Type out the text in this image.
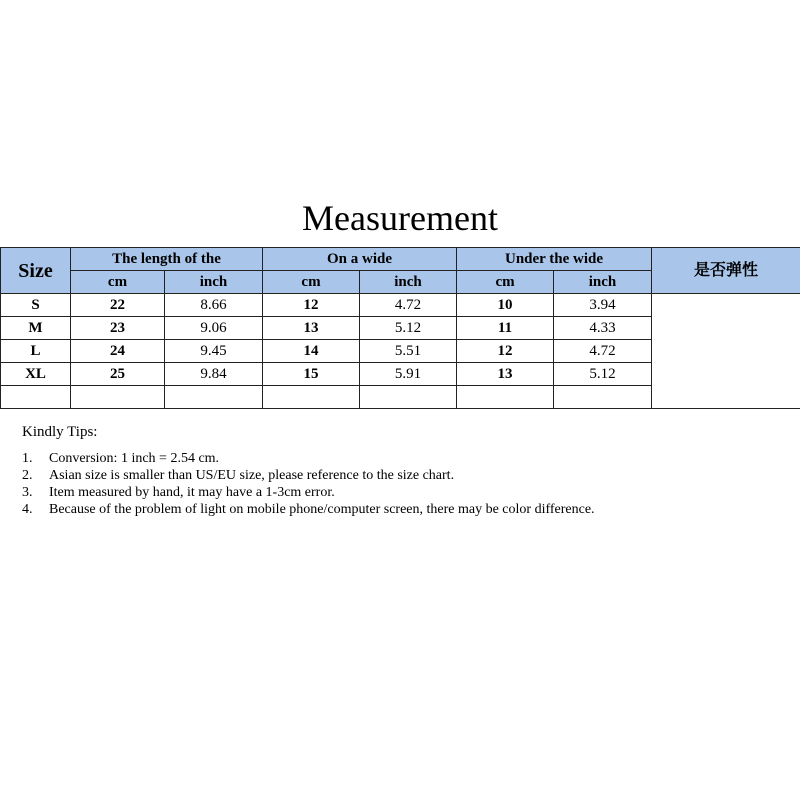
Measurement
Size	The length of the		On a wide		Under the wide		是否弹性
	cm	inch	cm	inch	cm	inch	
S	22	8.66	12	4.72	10	3.94	
M	23	9.06	13	5.12	11	4.33	
L	24	9.45	14	5.51	12	4.72	
XL	25	9.84	15	5.91	13	5.12	

Kindly Tips:
1.	Conversion: 1 inch = 2.54 cm.
2.	Asian size is smaller than US/EU size, please reference to the size chart.
3.	Item measured by hand, it may have a 1-3cm error.
4.	Because of the problem of light on mobile phone/computer screen, there may be color difference.
